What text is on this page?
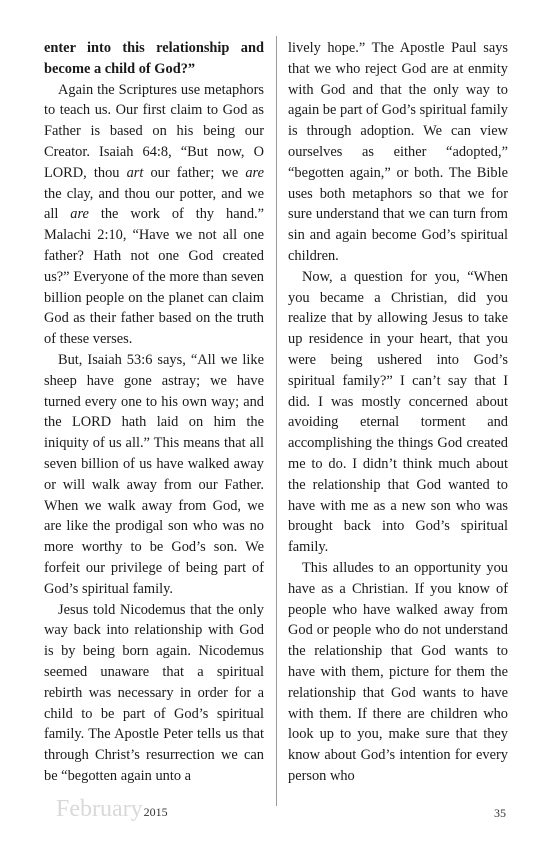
enter into this relationship and become a child of God?”

Again the Scriptures use metaphors to teach us. Our first claim to God as Father is based on his being our Creator. Isaiah 64:8, “But now, O LORD, thou art our father; we are the clay, and thou our potter, and we all are the work of thy hand.” Malachi 2:10, “Have we not all one father? Hath not one God created us?” Everyone of the more than seven billion people on the planet can claim God as their father based on the truth of these verses.

But, Isaiah 53:6 says, “All we like sheep have gone astray; we have turned every one to his own way; and the LORD hath laid on him the iniquity of us all.” This means that all seven billion of us have walked away or will walk away from our Father. When we walk away from God, we are like the prodigal son who was no more worthy to be God’s son. We forfeit our privilege of being part of God’s spiritual family.

Jesus told Nicodemus that the only way back into relationship with God is by being born again. Nicodemus seemed unaware that a spiritual rebirth was necessary in order for a child to be part of God’s spiritual family. The Apostle Peter tells us that through Christ’s resurrection we can be “begotten again unto a

lively hope.” The Apostle Paul says that we who reject God are at enmity with God and that the only way to again be part of God’s spiritual family is through adoption. We can view ourselves as either “adopted,” “begotten again,” or both. The Bible uses both metaphors so that we for sure understand that we can turn from sin and again become God’s spiritual children.

Now, a question for you, “When you became a Christian, did you realize that by allowing Jesus to take up residence in your heart, that you were being ushered into God’s spiritual family?” I can’t say that I did. I was mostly concerned about avoiding eternal torment and accomplishing the things God created me to do. I didn’t think much about the relationship that God wanted to have with me as a new son who was brought back into God’s spiritual family.

This alludes to an opportunity you have as a Christian. If you know of people who have walked away from God or people who do not understand the relationship that God wants to have with them, picture for them the relationship that God wants to have with them. If there are children who look up to you, make sure that they know about God’s intention for every person who

February2015	35
